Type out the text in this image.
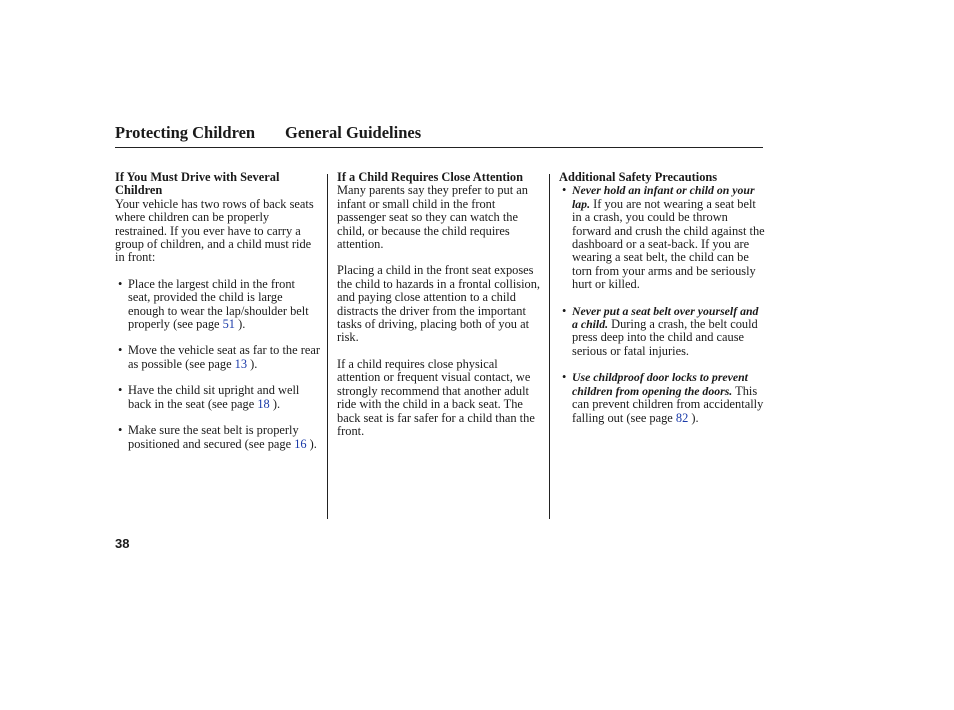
Protecting Children General Guidelines
If You Must Drive with Several Children

Your vehicle has two rows of back seats where children can be properly restrained. If you ever have to carry a group of children, and a child must ride in front:

• Place the largest child in the front seat, provided the child is large enough to wear the lap/shoulder belt properly (see page 51 ).
• Move the vehicle seat as far to the rear as possible (see page 13 ).
• Have the child sit upright and well back in the seat (see page 18 ).
• Make sure the seat belt is properly positioned and secured (see page 16 ).
If a Child Requires Close Attention

Many parents say they prefer to put an infant or small child in the front passenger seat so they can watch the child, or because the child requires attention.

Placing a child in the front seat exposes the child to hazards in a frontal collision, and paying close attention to a child distracts the driver from the important tasks of driving, placing both of you at risk.

If a child requires close physical attention or frequent visual contact, we strongly recommend that another adult ride with the child in a back seat. The back seat is far safer for a child than the front.

Additional Safety Precautions
• Never hold an infant or child on your lap. If you are not wearing a seat belt in a crash, you could be thrown forward and crush the child against the dashboard or a seat-back. If you are wearing a seat belt, the child can be torn from your arms and be seriously hurt or killed.
• Never put a seat belt over yourself and a child. During a crash, the belt could press deep into the child and cause serious or fatal injuries.
• Use childproof door locks to prevent children from opening the doors. This can prevent children from accidentally falling out (see page 82 ).
38
